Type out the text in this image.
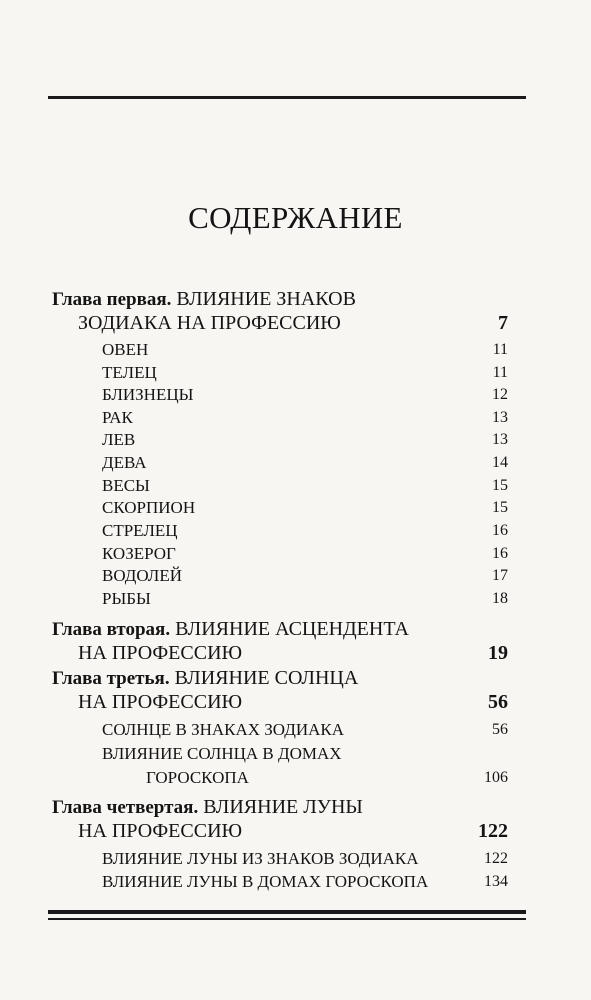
СОДЕРЖАНИЕ
Глава первая. ВЛИЯНИЕ ЗНАКОВ
ЗОДИАКА НА ПРОФЕССИЮ	7
ОВЕН	11
ТЕЛЕЦ	11
БЛИЗНЕЦЫ	12
РАК	13
ЛЕВ	13
ДЕВА	14
ВЕСЫ	15
СКОРПИОН	15
СТРЕЛЕЦ	16
КОЗЕРОГ	16
ВОДОЛЕЙ	17
РЫБЫ	18
Глава вторая. ВЛИЯНИЕ АСЦЕНДЕНТА
НА ПРОФЕССИЮ	19
Глава третья. ВЛИЯНИЕ СОЛНЦА
НА ПРОФЕССИЮ	56
СОЛНЦЕ В ЗНАКАХ ЗОДИАКА	56
ВЛИЯНИЕ СОЛНЦА В ДОМАХ
ГОРОСКОПА	106
Глава четвертая. ВЛИЯНИЕ ЛУНЫ
НА ПРОФЕССИЮ	122
ВЛИЯНИЕ ЛУНЫ ИЗ ЗНАКОВ ЗОДИАКА	122
ВЛИЯНИЕ ЛУНЫ В ДОМАХ ГОРОСКОПА	134
